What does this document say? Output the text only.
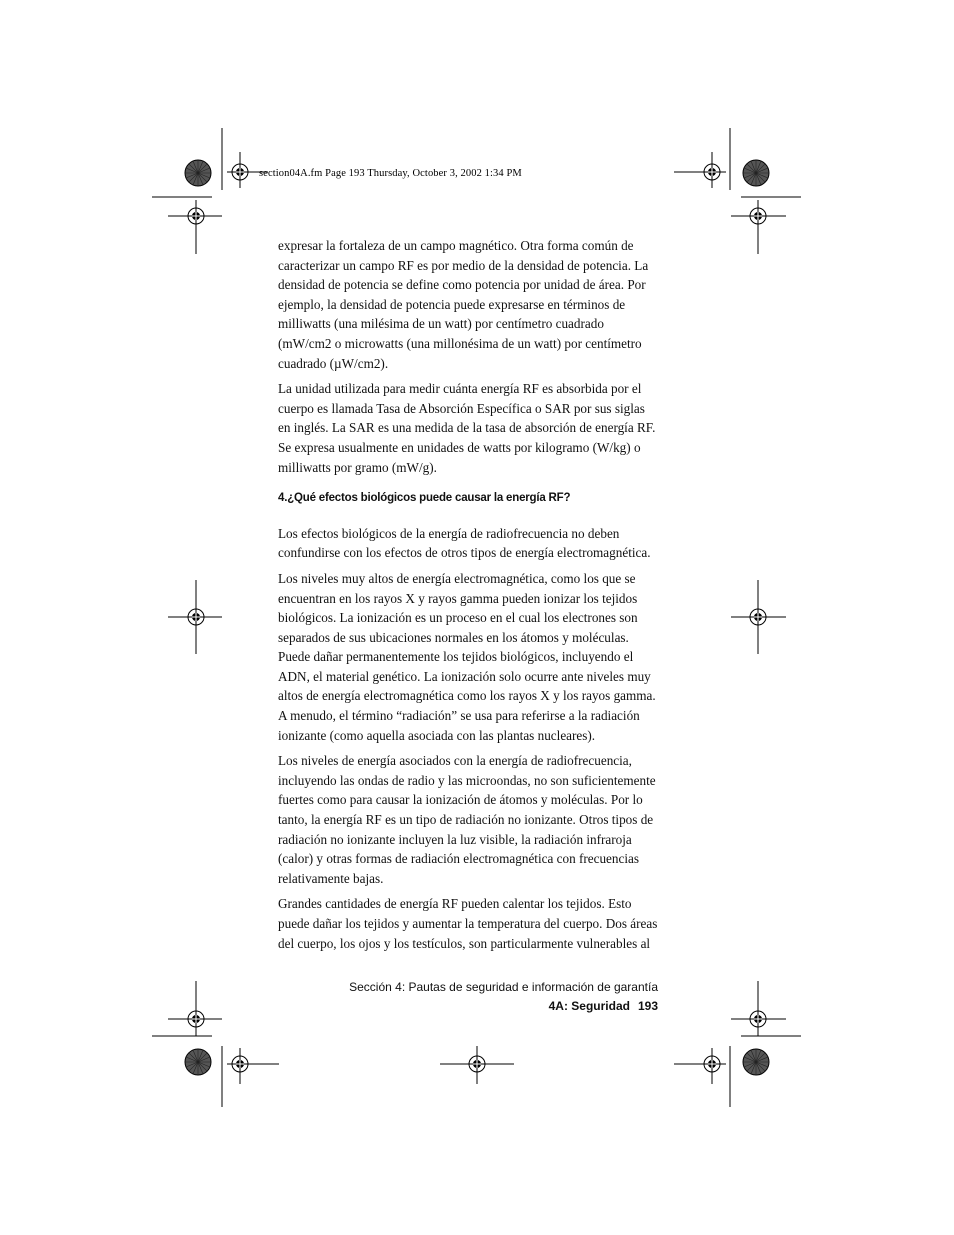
section04A.fm Page 193 Thursday, October 3, 2002 1:34 PM

expresar la fortaleza de un campo magnético. Otra forma común de caracterizar un campo RF es por medio de la densidad de potencia. La densidad de potencia se define como potencia por unidad de área. Por ejemplo, la densidad de potencia puede expresarse en términos de milliwatts (una milésima de un watt) por centímetro cuadrado (mW/cm2 o microwatts (una millonésima de un watt) por centímetro cuadrado (µW/cm2).

La unidad utilizada para medir cuánta energía RF es absorbida por el cuerpo es llamada Tasa de Absorción Específica o SAR por sus siglas en inglés. La SAR es una medida de la tasa de absorción de energía RF. Se expresa usualmente en unidades de watts por kilogramo (W/kg) o milliwatts por gramo (mW/g).

4.¿Qué efectos biológicos puede causar la energía RF?

Los efectos biológicos de la energía de radiofrecuencia no deben confundirse con los efectos de otros tipos de energía electromagnética.

Los niveles muy altos de energía electromagnética, como los que se encuentran en los rayos X y rayos gamma pueden ionizar los tejidos biológicos. La ionización es un proceso en el cual los electrones son separados de sus ubicaciones normales en los átomos y moléculas. Puede dañar permanentemente los tejidos biológicos, incluyendo el ADN, el material genético. La ionización solo ocurre ante niveles muy altos de energía electromagnética como los rayos X y los rayos gamma. A menudo, el término “radiación” se usa para referirse a la radiación ionizante (como aquella asociada con las plantas nucleares).

Los niveles de energía asociados con la energía de radiofrecuencia, incluyendo las ondas de radio y las microondas, no son suficientemente fuertes como para causar la ionización de átomos y moléculas. Por lo tanto, la energía RF es un tipo de radiación no ionizante. Otros tipos de radiación no ionizante incluyen la luz visible, la radiación infraroja (calor) y otras formas de radiación electromagnética con frecuencias relativamente bajas.

Grandes cantidades de energía RF pueden calentar los tejidos. Esto puede dañar los tejidos y aumentar la temperatura del cuerpo. Dos áreas del cuerpo, los ojos y los testículos, son particularmente vulnerables al

Sección 4: Pautas de seguridad e información de garantía
4A: Seguridad 193
